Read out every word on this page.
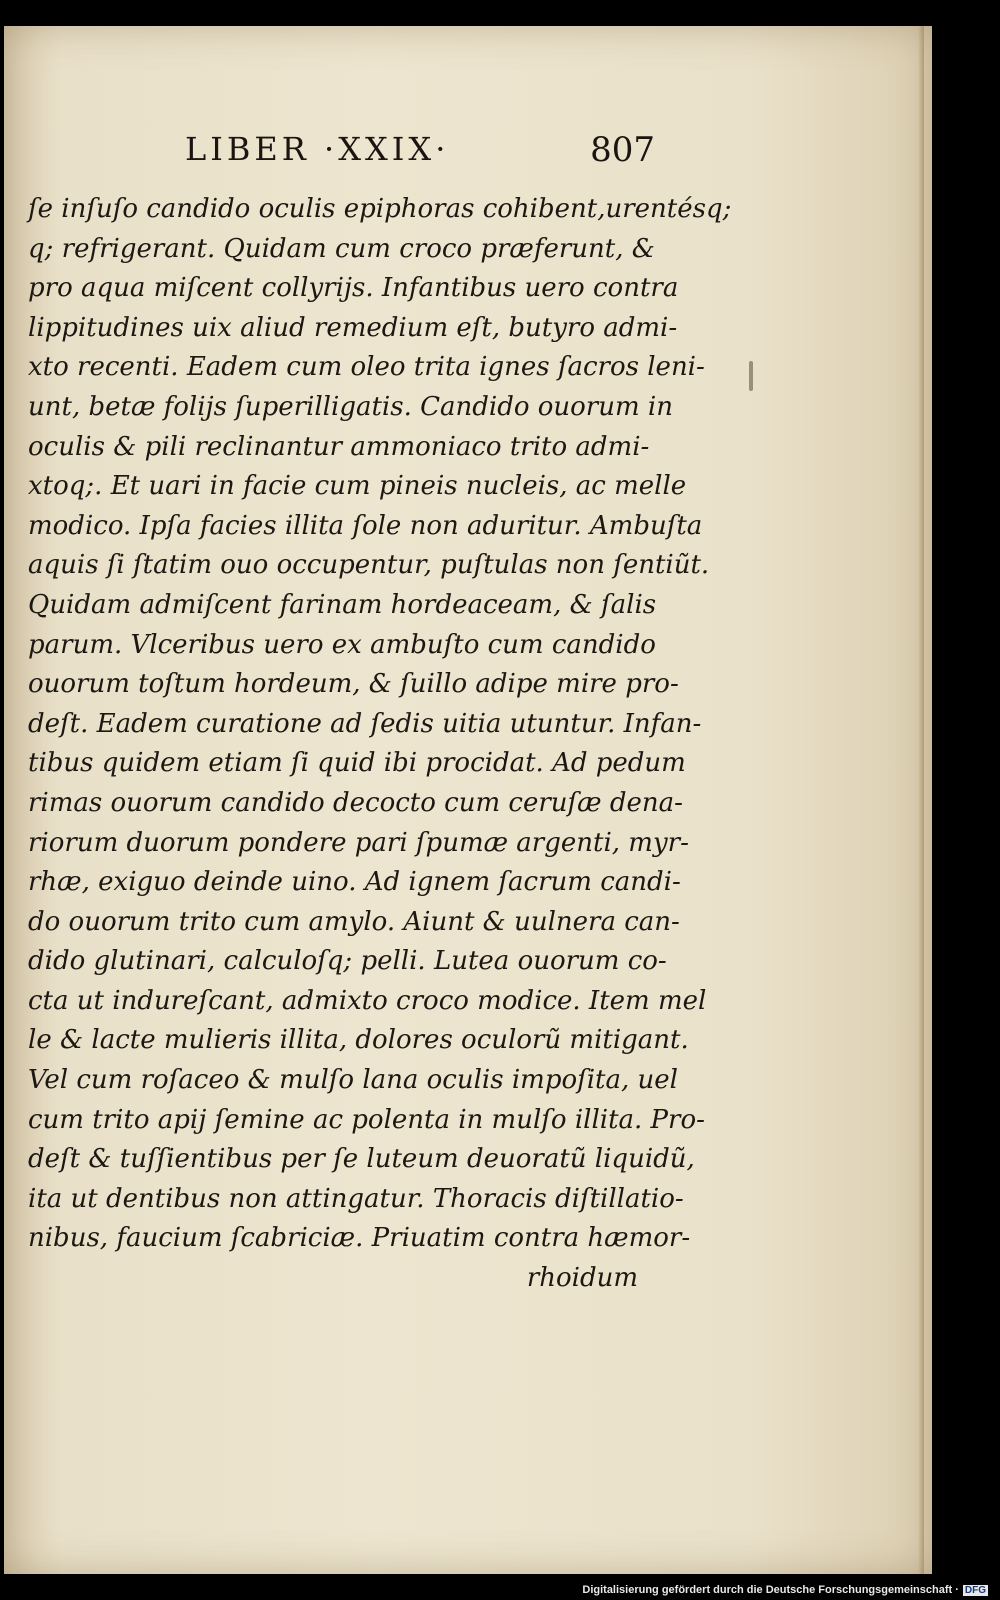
LIBER ·XXIX·	807
ſe inſuſo candido oculis epiphoras cohibent,urentésq;
q; refrigerant. Quidam cum croco præferunt, &
pro aqua miſcent collyrijs. Infantibus uero contra
lippitudines uix aliud remedium eſt, butyro admi-
xto recenti. Eadem cum oleo trita ignes ſacros leni-
unt, betæ folijs ſuperilligatis. Candido ouorum in
oculis & pili reclinantur ammoniaco trito admi-
xtoq;. Et uari in facie cum pineis nucleis, ac melle
modico. Ipſa facies illita ſole non aduritur. Ambuſta
aquis ſi ſtatim ouo occupentur, puſtulas non ſentiũt.
Quidam admiſcent farinam hordeaceam, & ſalis
parum. Vlceribus uero ex ambuſto cum candido
ouorum toſtum hordeum, & ſuillo adipe mire pro-
deſt. Eadem curatione ad ſedis uitia utuntur. Infan-
tibus quidem etiam ſi quid ibi procidat. Ad pedum
rimas ouorum candido decocto cum ceruſæ dena-
riorum duorum pondere pari ſpumæ argenti, myr-
rhæ, exiguo deinde uino. Ad ignem ſacrum candi-
do ouorum trito cum amylo. Aiunt & uulnera can-
dido glutinari, calculoſq; pelli. Lutea ouorum co-
cta ut indureſcant, admixto croco modice. Item mel
le & lacte mulieris illita, dolores oculorũ mitigant.
Vel cum roſaceo & mulſo lana oculis impoſita, uel
cum trito apij ſemine ac polenta in mulſo illita. Pro-
deſt & tuſſientibus per ſe luteum deuoratũ liquidũ,
ita ut dentibus non attingatur. Thoracis diſtillatio-
nibus, faucium ſcabriciæ. Priuatim contra hæmor-
rhoidum
Digitalisierung gefördert durch die Deutsche Forschungsgemeinschaft · DFG
